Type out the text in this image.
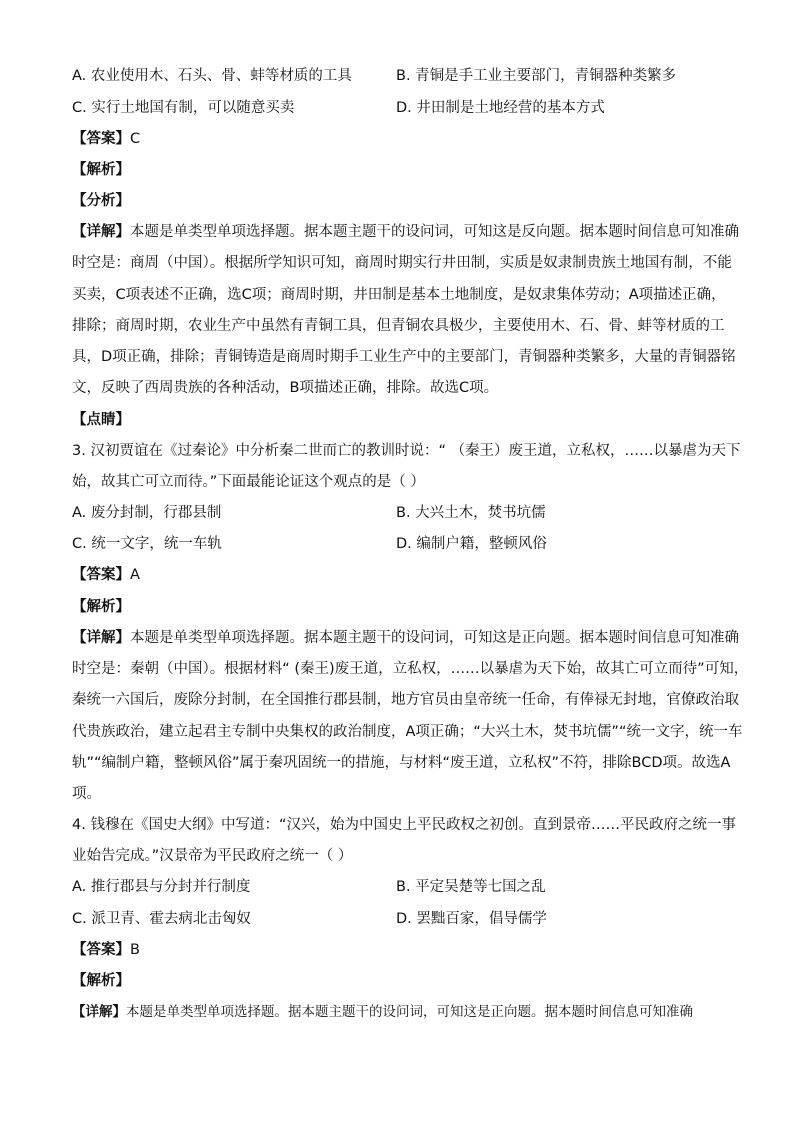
A. 农业使用木、石头、骨、蚌等材质的工具	B. 青铜是手工业主要部门，青铜器种类繁多
C. 实行土地国有制，可以随意买卖	D. 井田制是土地经营的基本方式
【答案】C
【解析】
【分析】
【详解】本题是单类型单项选择题。据本题主题干的设问词，可知这是反向题。据本题时间信息可知准确
时空是：商周（中国）。根据所学知识可知，商周时期实行井田制，实质是奴隶制贵族土地国有制，不能
买卖，C项表述不正确，选C项；商周时期，井田制是基本土地制度，是奴隶集体劳动；A项描述正确，
排除；商周时期，农业生产中虽然有青铜工具，但青铜农具极少，主要使用木、石、骨、蚌等材质的工
具，D项正确，排除；青铜铸造是商周时期手工业生产中的主要部门，青铜器种类繁多，大量的青铜器铭
文，反映了西周贵族的各种活动，B项描述正确，排除。故选C项。
【点睛】
3. 汉初贾谊在《过秦论》中分析秦二世而亡的教训时说：“ （秦王）废王道，立私权，……以暴虐为天下
始，故其亡可立而待。”下面最能论证这个观点的是（ ）
A. 废分封制，行郡县制	B. 大兴土木，焚书坑儒
C. 统一文字，统一车轨	D. 编制户籍，整顿风俗
【答案】A
【解析】
【详解】本题是单类型单项选择题。据本题主题干的设问词，可知这是正向题。据本题时间信息可知准确
时空是：秦朝（中国）。根据材料“ (秦王)废王道，立私权，……以暴虐为天下始，故其亡可立而待”可知，
秦统一六国后，废除分封制，在全国推行郡县制，地方官员由皇帝统一任命，有俸禄无封地，官僚政治取
代贵族政治，建立起君主专制中央集权的政治制度，A项正确；“大兴土木，焚书坑儒”“统一文字，统一车
轨”“编制户籍，整顿风俗”属于秦巩固统一的措施，与材料“废王道，立私权”不符，排除BCD项。故选A
项。
4. 钱穆在《国史大纲》中写道：“汉兴，始为中国史上平民政权之初创。直到景帝……平民政府之统一事
业始告完成。”汉景帝为平民政府之统一（ ）
A. 推行郡县与分封并行制度	B. 平定吴楚等七国之乱
C. 派卫青、霍去病北击匈奴	D. 罢黜百家，倡导儒学
【答案】B
【解析】
【详解】本题是单类型单项选择题。据本题主题干的设问词，可知这是正向题。据本题时间信息可知准确
